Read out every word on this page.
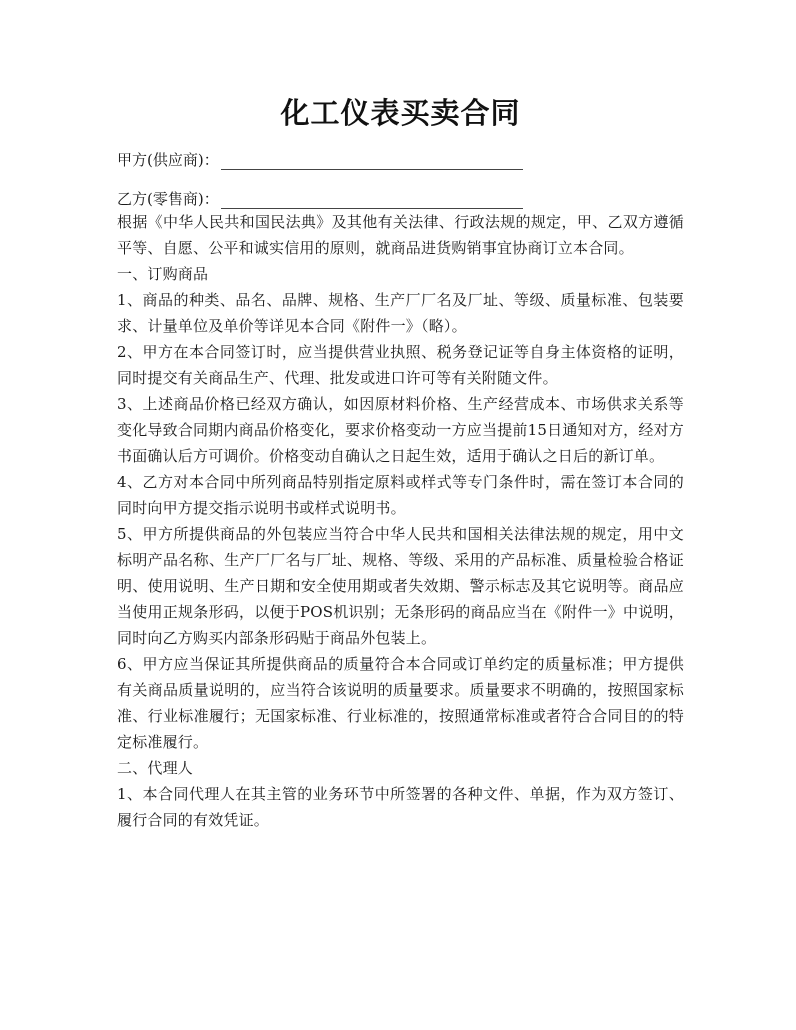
化工仪表买卖合同
甲方(供应商)：
乙方(零售商)：

根据《中华人民共和国民法典》及其他有关法律、行政法规的规定，甲、乙双方遵循平等、自愿、公平和诚实信用的原则，就商品进货购销事宜协商订立本合同。

一、订购商品

1、商品的种类、品名、品牌、规格、生产厂厂名及厂址、等级、质量标准、包装要求、计量单位及单价等详见本合同《附件一》（略）。

2、甲方在本合同签订时，应当提供营业执照、税务登记证等自身主体资格的证明，同时提交有关商品生产、代理、批发或进口许可等有关附随文件。

3、上述商品价格已经双方确认，如因原材料价格、生产经营成本、市场供求关系等变化导致合同期内商品价格变化，要求价格变动一方应当提前15日通知对方，经对方书面确认后方可调价。价格变动自确认之日起生效，适用于确认之日后的新订单。

4、乙方对本合同中所列商品特别指定原料或样式等专门条件时，需在签订本合同的同时向甲方提交指示说明书或样式说明书。

5、甲方所提供商品的外包装应当符合中华人民共和国相关法律法规的规定，用中文标明产品名称、生产厂厂名与厂址、规格、等级、采用的产品标准、质量检验合格证明、使用说明、生产日期和安全使用期或者失效期、警示标志及其它说明等。商品应当使用正规条形码，以便于POS机识别；无条形码的商品应当在《附件一》中说明，同时向乙方购买内部条形码贴于商品外包装上。

6、甲方应当保证其所提供商品的质量符合本合同或订单约定的质量标准；甲方提供有关商品质量说明的，应当符合该说明的质量要求。质量要求不明确的，按照国家标准、行业标准履行；无国家标准、行业标准的，按照通常标准或者符合合同目的的特定标准履行。

二、代理人

1、本合同代理人在其主管的业务环节中所签署的各种文件、单据，作为双方签订、履行合同的有效凭证。
